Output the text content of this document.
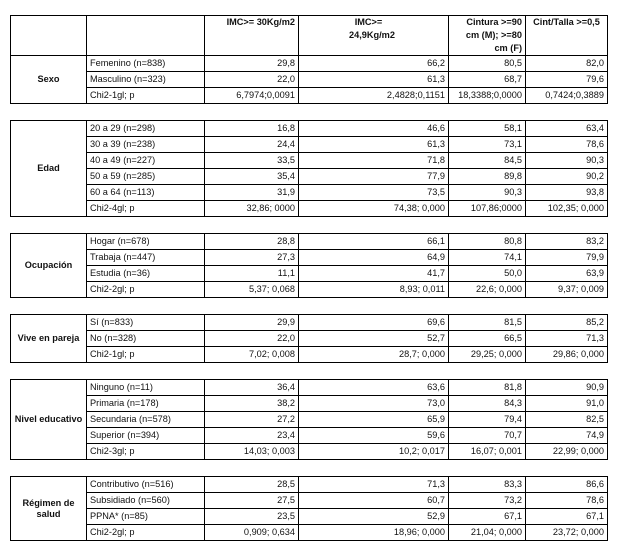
		IMC>= 30Kg/m2	IMC>= 24,9Kg/m2	Cintura >=90 cm (M); >=80 cm (F)	Cint/Talla >=0,5
Sexo	Femenino (n=838)	29,8	66,2	80,5	82,0
	Masculino (n=323)	22,0	61,3	68,7	79,6
	Chi2-1gl; p	6,7974;0,0091	2,4828;0,1151	18,3388;0,0000	0,7424;0,3889

Edad	20 a 29 (n=298)	16,8	46,6	58,1	63,4
	30 a 39 (n=238)	24,4	61,3	73,1	78,6
	40 a 49 (n=227)	33,5	71,8	84,5	90,3
	50 a 59 (n=285)	35,4	77,9	89,8	90,2
	60 a 64 (n=113)	31,9	73,5	90,3	93,8
	Chi2-4gl; p	32,86; 0000	74,38; 0,000	107,86;0000	102,35; 0,000

Ocupación	Hogar (n=678)	28,8	66,1	80,8	83,2
	Trabaja (n=447)	27,3	64,9	74,1	79,9
	Estudia (n=36)	11,1	41,7	50,0	63,9
	Chi2-2gl; p	5,37; 0,068	8,93; 0,011	22,6; 0,000	9,37; 0,009

Vive en pareja	Sí (n=833)	29,9	69,6	81,5	85,2
	No (n=328)	22,0	52,7	66,5	71,3
	Chi2-1gl; p	7,02; 0,008	28,7; 0,000	29,25; 0,000	29,86; 0,000

Nivel educativo	Ninguno (n=11)	36,4	63,6	81,8	90,9
	Primaria (n=178)	38,2	73,0	84,3	91,0
	Secundaria (n=578)	27,2	65,9	79,4	82,5
	Superior (n=394)	23,4	59,6	70,7	74,9
	Chi2-3gl; p	14,03; 0,003	10,2; 0,017	16,07; 0,001	22,99; 0,000

Régimen de salud	Contributivo (n=516)	28,5	71,3	83,3	86,6
	Subsidiado (n=560)	27,5	60,7	73,2	78,6
	PPNA* (n=85)	23,5	52,9	67,1	67,1
	Chi2-2gl; p	0,909; 0,634	18,96; 0,000	21,04; 0,000	23,72; 0,000
